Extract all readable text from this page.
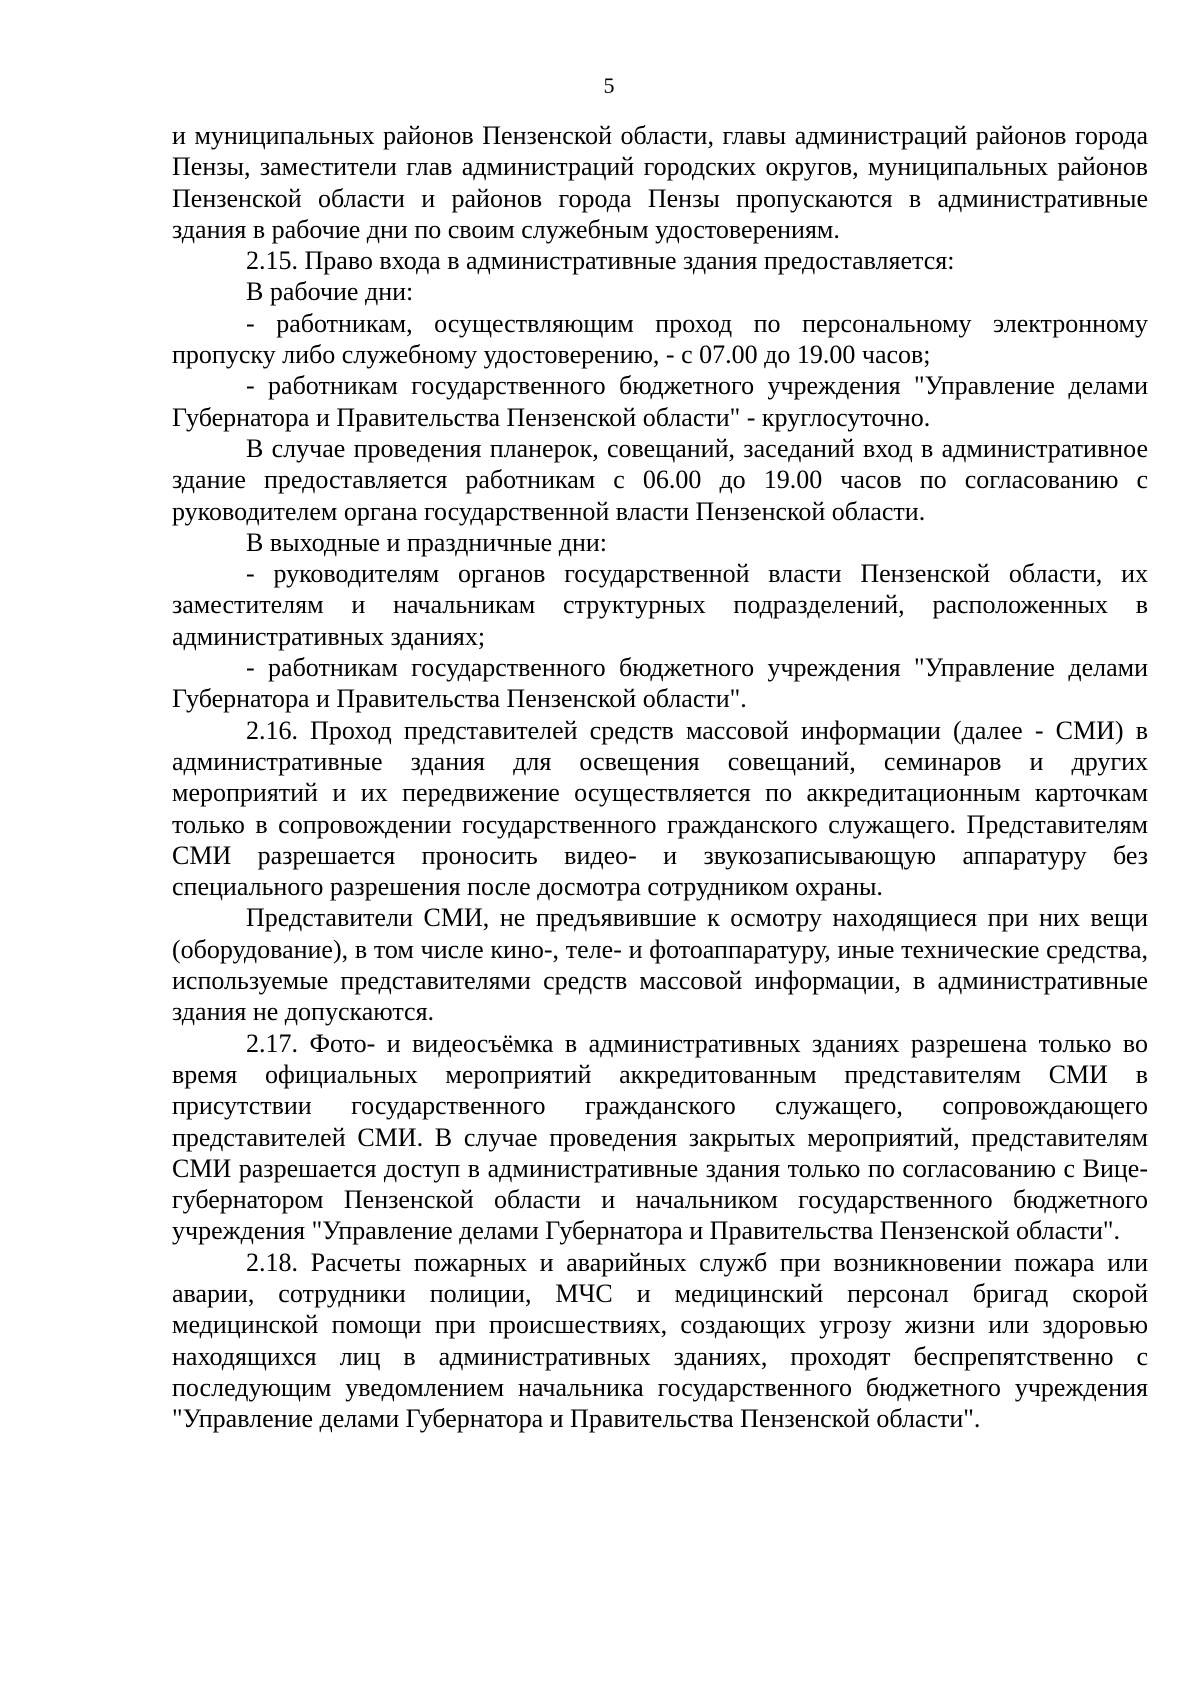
5

и муниципальных районов Пензенской области, главы администраций районов города Пензы, заместители глав администраций городских округов, муниципальных районов Пензенской области и районов города Пензы пропускаются в административные здания в рабочие дни по своим служебным удостоверениям.

2.15. Право входа в административные здания предоставляется:

В рабочие дни:

- работникам, осуществляющим проход по персональному электронному пропуску либо служебному удостоверению, - с 07.00 до 19.00 часов;

- работникам государственного бюджетного учреждения "Управление делами Губернатора и Правительства Пензенской области" - круглосуточно.

В случае проведения планерок, совещаний, заседаний вход в административное здание предоставляется работникам с 06.00 до 19.00 часов по согласованию с руководителем органа государственной власти Пензенской области.

В выходные и праздничные дни:

- руководителям органов государственной власти Пензенской области, их заместителям и начальникам структурных подразделений, расположенных в административных зданиях;

- работникам государственного бюджетного учреждения "Управление делами Губернатора и Правительства Пензенской области".

2.16. Проход представителей средств массовой информации (далее - СМИ) в административные здания для освещения совещаний, семинаров и других мероприятий и их передвижение осуществляется по аккредитационным карточкам только в сопровождении государственного гражданского служащего. Представителям СМИ разрешается проносить видео- и звукозаписывающую аппаратуру без специального разрешения после досмотра сотрудником охраны.

Представители СМИ, не предъявившие к осмотру находящиеся при них вещи (оборудование), в том числе кино-, теле- и фотоаппаратуру, иные технические средства, используемые представителями средств массовой информации, в административные здания не допускаются.

2.17. Фото- и видеосъёмка в административных зданиях разрешена только во время официальных мероприятий аккредитованным представителям СМИ в присутствии государственного гражданского служащего, сопровождающего представителей СМИ. В случае проведения закрытых мероприятий, представителям СМИ разрешается доступ в административные здания только по согласованию с Вице-губернатором Пензенской области и начальником государственного бюджетного учреждения "Управление делами Губернатора и Правительства Пензенской области".

2.18. Расчеты пожарных и аварийных служб при возникновении пожара или аварии, сотрудники полиции, МЧС и медицинский персонал бригад скорой медицинской помощи при происшествиях, создающих угрозу жизни или здоровью находящихся лиц в административных зданиях, проходят беспрепятственно с последующим уведомлением начальника государственного бюджетного учреждения "Управление делами Губернатора и Правительства Пензенской области".
